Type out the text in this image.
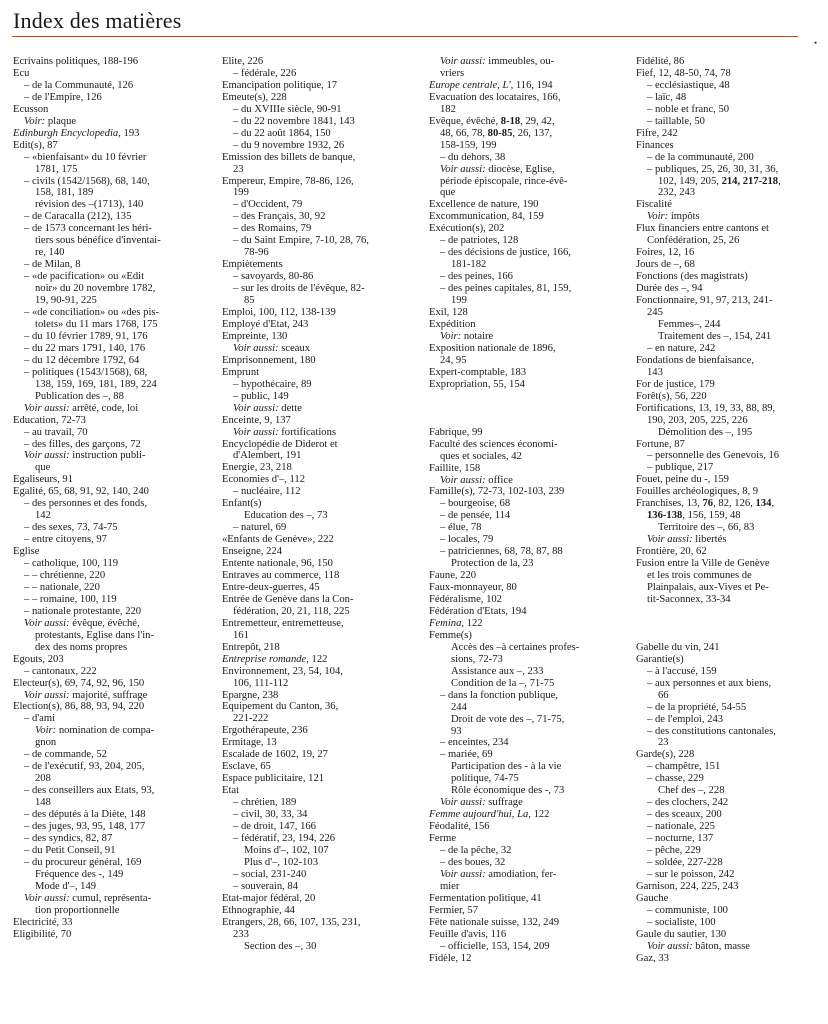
Index des matières
•
Ecrivains politiques, 188-196
Ecu
– de la Communauté, 126
– de l'Empire, 126
Ecusson
Voir: plaque
Edinburgh Encyclopedia, 193
Edit(s), 87
– «bienfaisant» du 10 février
1781, 175
– civils (1542/1568), 68, 140,
158, 181, 189
révision des –(1713), 140
– de Caracalla (212), 135
– de 1573 concernant les héri-
tiers sous bénéfice d'inventai-
re, 140
– de Milan, 8
– «de pacification» ou «Edit
noir» du 20 novembre 1782,
19, 90-91, 225
– «de conciliation» ou «des pis-
tolets» du 11 mars 1768, 175
– du 10 février 1789, 91, 176
– du 22 mars 1791, 140, 176
– du 12 décembre 1792, 64
– politiques (1543/1568), 68,
138, 159, 169, 181, 189, 224
Publication des –, 88
Voir aussi: arrêté, code, loi
Education, 72-73
– au travail, 70
– des filles, des garçons, 72
Voir aussi: instruction publi-
que
Egaliseurs, 91
Egalité, 65, 68, 91, 92, 140, 240
– des personnes et des fonds,
142
– des sexes, 73, 74-75
– entre citoyens, 97
Eglise
– catholique, 100, 119
– – chrétienne, 220
– – nationale, 220
– – romaine, 100, 119
– nationale protestante, 220
Voir aussi: évêque, évêché,
protestants, Eglise dans l'in-
dex des noms propres
Egouts, 203
– cantonaux, 222
Electeur(s), 69, 74, 92, 96, 150
Voir aussi: majorité, suffrage
Election(s), 86, 88, 93, 94, 220
– d'ami
Voir: nomination de compa-
gnon
– de commande, 52
– de l'exécutif, 93, 204, 205,
208
– des conseillers aux Etats, 93,
148
– des députés à la Diète, 148
– des juges, 93, 95, 148, 177
– des syndics, 82, 87
– du Petit Conseil, 91
– du procureur général, 169
Fréquence des -, 149
Mode d'–, 149
Voir aussi: cumul, représenta-
tion proportionnelle
Electricité, 33
Eligibilité, 70
Elite, 226
– fédérale, 226
Emancipation politique, 17
Emeute(s), 228
– du XVIIIe siècle, 90-91
– du 22 novembre 1841, 143
– du 22 août 1864, 150
– du 9 novembre 1932, 26
Emission des billets de banque,
23
Empereur, Empire, 78-86, 126,
199
– d'Occident, 79
– des Français, 30, 92
– des Romains, 79
– du Saint Empire, 7-10, 28, 76,
78-96
Empiètements
– savoyards, 80-86
– sur les droits de l'évêque, 82-
85
Emploi, 100, 112, 138-139
Employé d'Etat, 243
Empreinte, 130
Voir aussi: sceaux
Emprisonnement, 180
Emprunt
– hypothécaire, 89
– public, 149
Voir aussi: dette
Enceinte, 9, 137
Voir aussi: fortifications
Encyclopédie de Diderot et
d'Alembert, 191
Energie, 23, 218
Economies d'–, 112
– nucléaire, 112
Enfant(s)
Education des –, 73
– naturel, 69
«Enfants de Genève», 222
Enseigne, 224
Entente nationale, 96, 150
Entraves au commerce, 118
Entre-deux-guerres, 45
Entrée de Genève dans la Con-
fédération, 20, 21, 118, 225
Entremetteur, entremetteuse,
161
Entrepôt, 218
Entreprise romande, 122
Environnement, 23, 54, 104,
106, 111-112
Epargne, 238
Equipement du Canton, 36,
221-222
Ergothérapeute, 236
Ermitage, 13
Escalade de 1602, 19, 27
Esclave, 65
Espace publicitaire, 121
Etat
– chrétien, 189
– civil, 30, 33, 34
– de droit, 147, 166
– fédératif, 23, 194, 226
Moins d'–, 102, 107
Plus d'–, 102-103
– social, 231-240
– souverain, 84
Etat-major fédéral, 20
Ethnographie, 44
Etrangers, 28, 66, 107, 135, 231,
233
Section des –, 30
Voir aussi: immeubles, ou-
vriers
Europe centrale, L', 116, 194
Evacuation des locataires, 166,
182
Evêque, évêché, 8-18, 29, 42,
48, 66, 78, 80-85, 26, 137,
158-159, 199
– du dehors, 38
Voir aussi: diocèse, Eglise,
période épiscopale, rince-évê-
que
Excellence de nature, 190
Excommunication, 84, 159
Exécution(s), 202
– de patriotes, 128
– des décisions de justice, 166,
181-182
– des peines, 166
– des peines capitales, 81, 159,
199
Exil, 128
Expédition
Voir: notaire
Exposition nationale de 1896,
24, 95
Expert-comptable, 183
Expropriation, 55, 154
Fabrique, 99
Faculté des sciences économi-
ques et sociales, 42
Faillite, 158
Voir aussi: office
Famille(s), 72-73, 102-103, 239
– bourgeoise, 68
– de pensée, 114
– élue, 78
– locales, 79
– patriciennes, 68, 78, 87, 88
Protection de la, 23
Faune, 220
Faux-monnayeur, 80
Fédéralisme, 102
Fédération d'Etats, 194
Femina, 122
Femme(s)
Accès des –à certaines profes-
sions, 72-73
Assistance aux –, 233
Condition de la –, 71-75
– dans la fonction publique,
244
Droit de vote des –, 71-75,
93
– enceintes, 234
– mariée, 69
Participation des - à la vie
politique, 74-75
Rôle économique des -, 73
Voir aussi: suffrage
Femme aujourd'hui, La, 122
Féodalité, 156
Ferme
– de la pêche, 32
– des boues, 32
Voir aussi: amodiation, fer-
mier
Fermentation politique, 41
Fermier, 57
Fête nationale suisse, 132, 249
Feuille d'avis, 116
– officielle, 153, 154, 209
Fidèle, 12
Fidélité, 86
Fief, 12, 48-50, 74, 78
– ecclésiastique, 48
– laïc, 48
– noble et franc, 50
– taillable, 50
Fifre, 242
Finances
– de la communauté, 200
– publiques, 25, 26, 30, 31, 36,
102, 149, 205, 214, 217-218,
232, 243
Fiscalité
Voir: impôts
Flux financiers entre cantons et
Confédération, 25, 26
Foires, 12, 16
Jours de –, 68
Fonctions (des magistrats)
Durée des –, 94
Fonctionnaire, 91, 97, 213, 241-
245
Femmes–, 244
Traitement des –, 154, 241
– en nature, 242
Fondations de bienfaisance,
143
For de justice, 179
Forêt(s), 56, 220
Fortifications, 13, 19, 33, 88, 89,
190, 203, 205, 225, 226
Démolition des –, 195
Fortune, 87
– personnelle des Genevois, 16
– publique, 217
Fouet, peine du -, 159
Fouilles archéologiques, 8, 9
Franchises, 13, 76, 82, 126, 134,
136-138, 156, 159, 48
Territoire des –, 66, 83
Voir aussi: libertés
Frontière, 20, 62
Fusion entre la Ville de Genève
et les trois communes de
Plainpalais, aux-Vives et Pe-
tit-Saconnex, 33-34
Gabelle du vin, 241
Garantie(s)
– à l'accusé, 159
– aux personnes et aux biens,
66
– de la propriété, 54-55
– de l'emploi, 243
– des constitutions cantonales,
23
Garde(s), 228
– champêtre, 151
– chasse, 229
Chef des –, 228
– des clochers, 242
– des sceaux, 200
– nationale, 225
– nocturne, 137
– pêche, 229
– soldée, 227-228
– sur le poisson, 242
Garnison, 224, 225, 243
Gauche
– communiste, 100
– socialiste, 100
Gaule du sautier, 130
Voir aussi: bâton, masse
Gaz, 33
